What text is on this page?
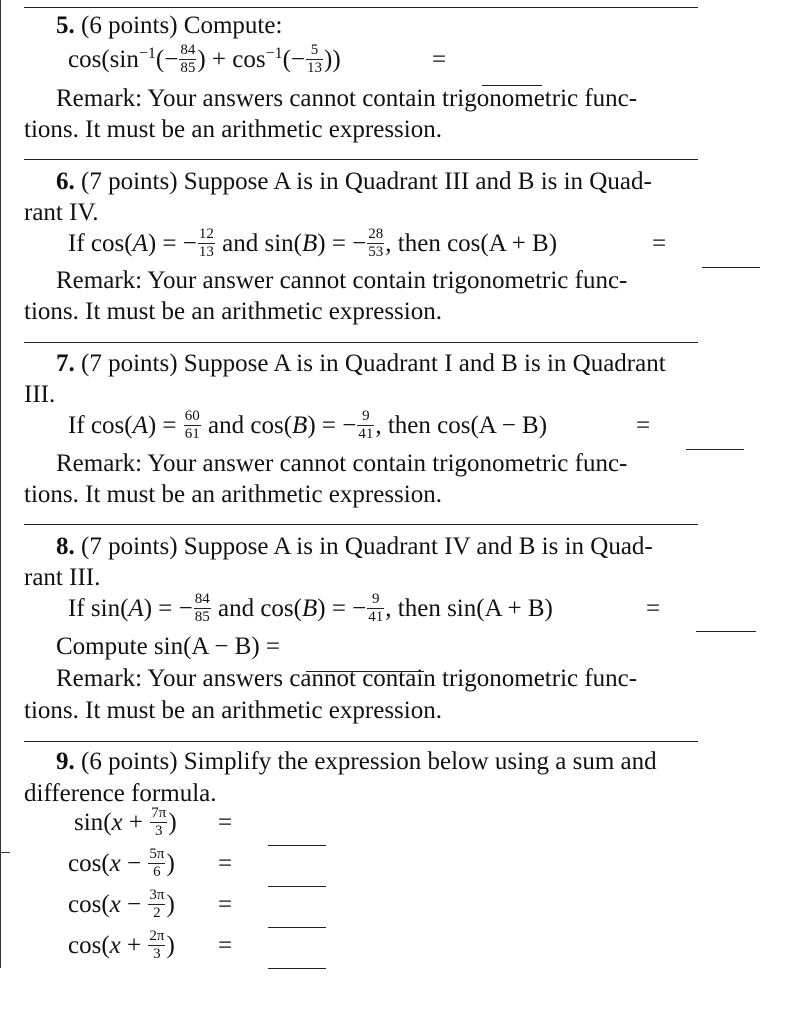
5. (6 points) Compute:
$\cos(\sin^{-1}(- \frac{84}{85}$ ) + $\cos^{-1}(- \frac{5}{13}$ ))	=
Remark: Your answers cannot contain trigonometric func-
tions. It must be an arithmetic expression.
6. (7 points) Suppose A is in Quadrant III and B is in Quad-
rant IV.
If cos(A) = − $\frac{12}{13}$ and sin(B) = − $\frac{28}{53}$ , then cos(A + B)	=
Remark: Your answer cannot contain trigonometric func-
tions. It must be an arithmetic expression.
7. (7 points) Suppose A is in Quadrant I and B is in Quadrant
III.
If $\cos(A) = \frac{60}{61}$ and cos(B) = − $\frac{9}{41}$ , then cos(A − B)	=
Remark: Your answer cannot contain trigonometric func-
tions. It must be an arithmetic expression.
8. (7 points) Suppose A is in Quadrant IV and B is in Quad-
rant III.
If sin(A) = − $\frac{84}{85}$ and cos(B) = − $\frac{9}{41}$ , then sin(A + B)	=
Compute sin(A − B) =
Remark: Your answers cannot contain trigonometric func-
tions. It must be an arithmetic expression.
9. (6 points) Simplify the expression below using a sum and
difference formula.
$\sin(x + \frac{7\pi}{3}$ ) =
$\cos(x - \frac{5\pi}{6}$ ) =
$\cos(x - \frac{3\pi}{2}$ ) =
$\cos(x + \frac{2\pi}{3}$ ) =
